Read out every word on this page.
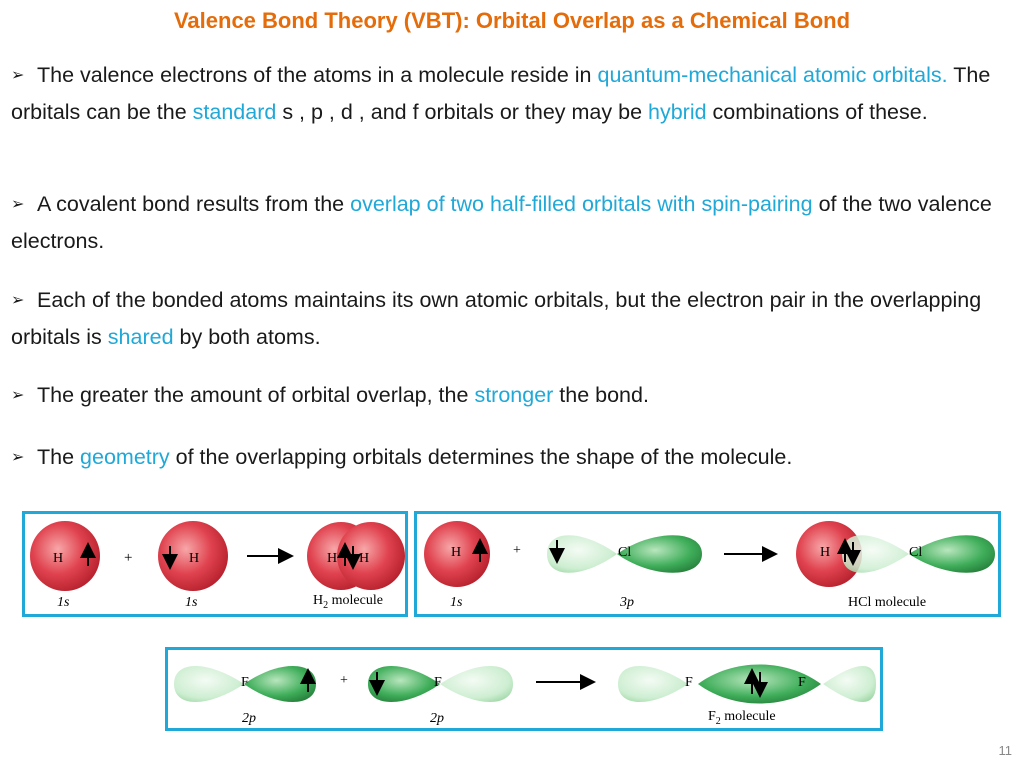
Valence Bond Theory (VBT): Orbital Overlap as a Chemical Bond
➢ The valence electrons of the atoms in a molecule reside in quantum-mechanical atomic orbitals. The orbitals can be the standard s , p , d , and f orbitals or they may be hybrid combinations of these.
➢ A covalent bond results from the overlap of two half-filled orbitals with spin-pairing of the two valence electrons.
➢ Each of the bonded atoms maintains its own atomic orbitals, but the electron pair in the overlapping orbitals is shared by both atoms.
➢ The greater the amount of orbital overlap, the stronger the bond.
➢ The geometry of the overlapping orbitals determines the shape of the molecule.
H	+	H	H H
1s	1s	$H_2$ molecule
H	+	Cl	H	Cl
1s	3p	HCl molecule
F	+	F	F	F
2p	2p	$F_2$ molecule
11
